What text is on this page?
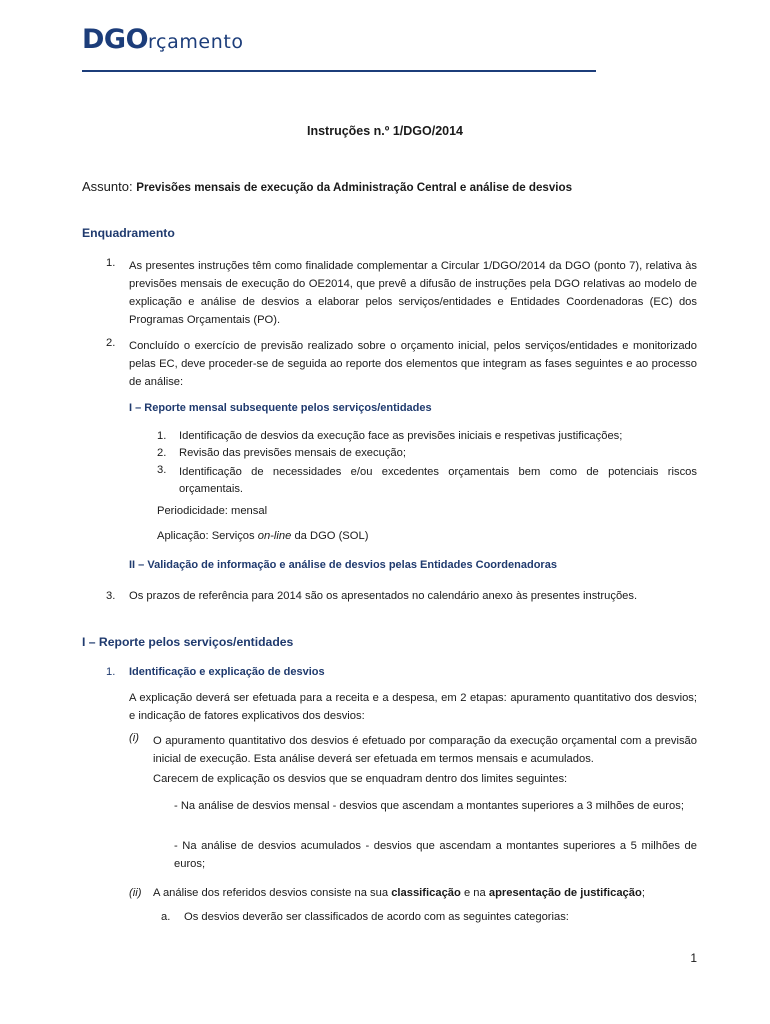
DGOrçamento
Instruções n.º 1/DGO/2014
Assunto: Previsões mensais de execução da Administração Central e análise de desvios
Enquadramento
1. As presentes instruções têm como finalidade complementar a Circular 1/DGO/2014 da DGO (ponto 7), relativa às previsões mensais de execução do OE2014, que prevê a difusão de instruções pela DGO relativas ao modelo de explicação e análise de desvios a elaborar pelos serviços/entidades e Entidades Coordenadoras (EC) dos Programas Orçamentais (PO).
2. Concluído o exercício de previsão realizado sobre o orçamento inicial, pelos serviços/entidades e monitorizado pelas EC, deve proceder-se de seguida ao reporte dos elementos que integram as fases seguintes e ao processo de análise:
I – Reporte mensal subsequente pelos serviços/entidades
1. Identificação de desvios da execução face as previsões iniciais e respetivas justificações;
2. Revisão das previsões mensais de execução;
3. Identificação de necessidades e/ou excedentes orçamentais bem como de potenciais riscos orçamentais.
Periodicidade: mensal
Aplicação: Serviços on-line da DGO (SOL)
II – Validação de informação e análise de desvios pelas Entidades Coordenadoras
3. Os prazos de referência para 2014 são os apresentados no calendário anexo às presentes instruções.
I – Reporte pelos serviços/entidades
1. Identificação e explicação de desvios
A explicação deverá ser efetuada para a receita e a despesa, em 2 etapas: apuramento quantitativo dos desvios; e indicação de fatores explicativos dos desvios:
(i) O apuramento quantitativo dos desvios é efetuado por comparação da execução orçamental com a previsão inicial de execução. Esta análise deverá ser efetuada em termos mensais e acumulados.
Carecem de explicação os desvios que se enquadram dentro dos limites seguintes:
- Na análise de desvios mensal - desvios que ascendam a montantes superiores a 3 milhões de euros;
- Na análise de desvios acumulados - desvios que ascendam a montantes superiores a 5 milhões de euros;
(ii) A análise dos referidos desvios consiste na sua classificação e na apresentação de justificação;
a. Os desvios deverão ser classificados de acordo com as seguintes categorias:
1
